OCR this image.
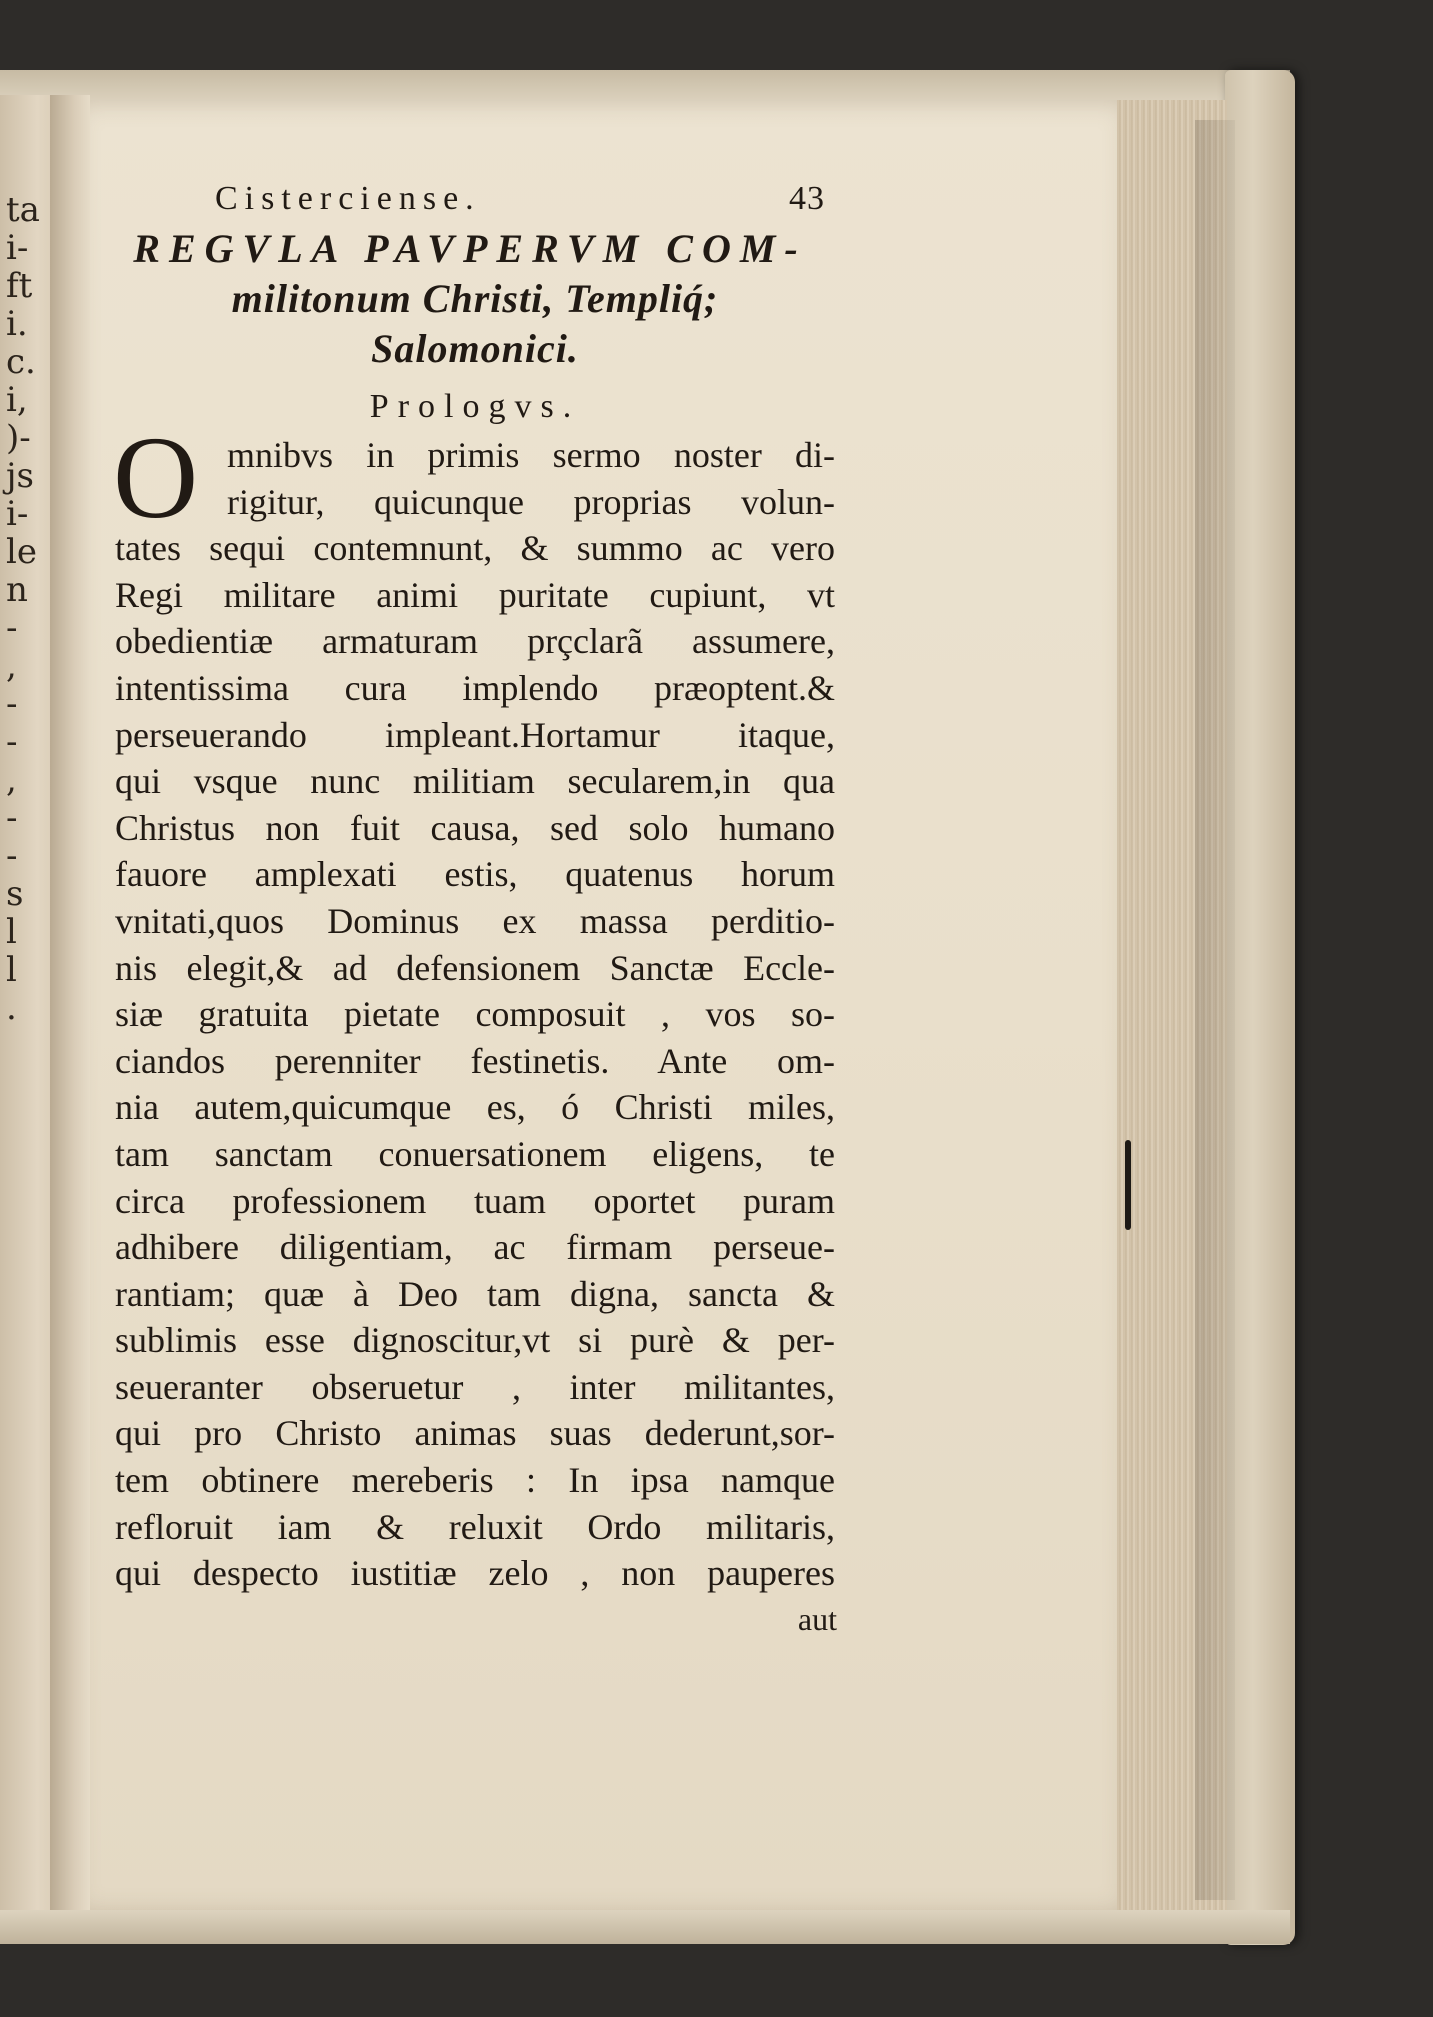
ta
i-
ft
i.
c.
i,
)-
js
i-
le
n
-
,
-
-
,
-
-
s
l
l
.
Cisterciense.	43
REGVLA PAVPERVM COM-
militonum Christi, Templiq́;
Salomonici.
Prologvs.
O mnibvs in primis sermo noster di-
rigitur, quicunque proprias volun-
tates sequi contemnunt, & summo ac vero
Regi militare animi puritate cupiunt, vt
obedientiæ armaturam prçclarã assumere,
intentissima cura implendo præoptent.&
perseuerando impleant.Hortamur itaque,
qui vsque nunc militiam secularem,in qua
Christus non fuit causa, sed solo humano
fauore amplexati estis, quatenus horum
vnitati,quos Dominus ex massa perditio-
nis elegit,& ad defensionem Sanctæ Eccle-
siæ gratuita pietate composuit , vos so-
ciandos perenniter festinetis. Ante om-
nia autem,quicumque es, ó Christi miles,
tam sanctam conuersationem eligens, te
circa professionem tuam oportet puram
adhibere diligentiam, ac firmam perseue-
rantiam; quæ à Deo tam digna, sancta &
sublimis esse dignoscitur,vt si purè & per-
seueranter obseruetur , inter militantes,
qui pro Christo animas suas dederunt,sor-
tem obtinere mereberis : In ipsa namque
refloruit iam & reluxit Ordo militaris,
qui despecto iustitiæ zelo , non pauperes
aut
